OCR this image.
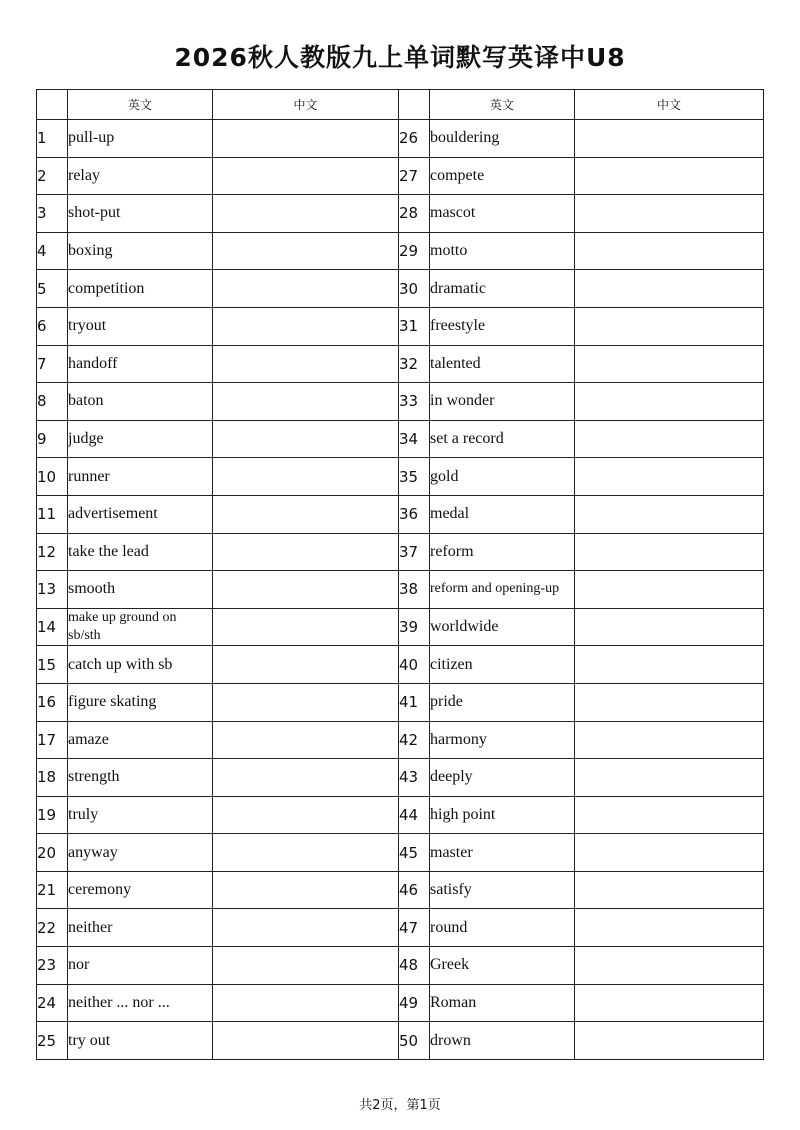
2026秋人教版九上单词默写英译中U8
	英文	中文		英文	中文
1	pull-up		26	bouldering	
2	relay		27	compete	
3	shot-put		28	mascot	
4	boxing		29	motto	
5	competition		30	dramatic	
6	tryout		31	freestyle	
7	handoff		32	talented	
8	baton		33	in wonder	
9	judge		34	set a record	
10	runner		35	gold	
11	advertisement		36	medal	
12	take the lead		37	reform	
13	smooth		38	reform and opening-up	
14	make up ground on sb/sth		39	worldwide	
15	catch up with sb		40	citizen	
16	figure skating		41	pride	
17	amaze		42	harmony	
18	strength		43	deeply	
19	truly		44	high point	
20	anyway		45	master	
21	ceremony		46	satisfy	
22	neither		47	round	
23	nor		48	Greek	
24	neither ... nor ...		49	Roman	
25	try out		50	drown	
共2页，第1页
